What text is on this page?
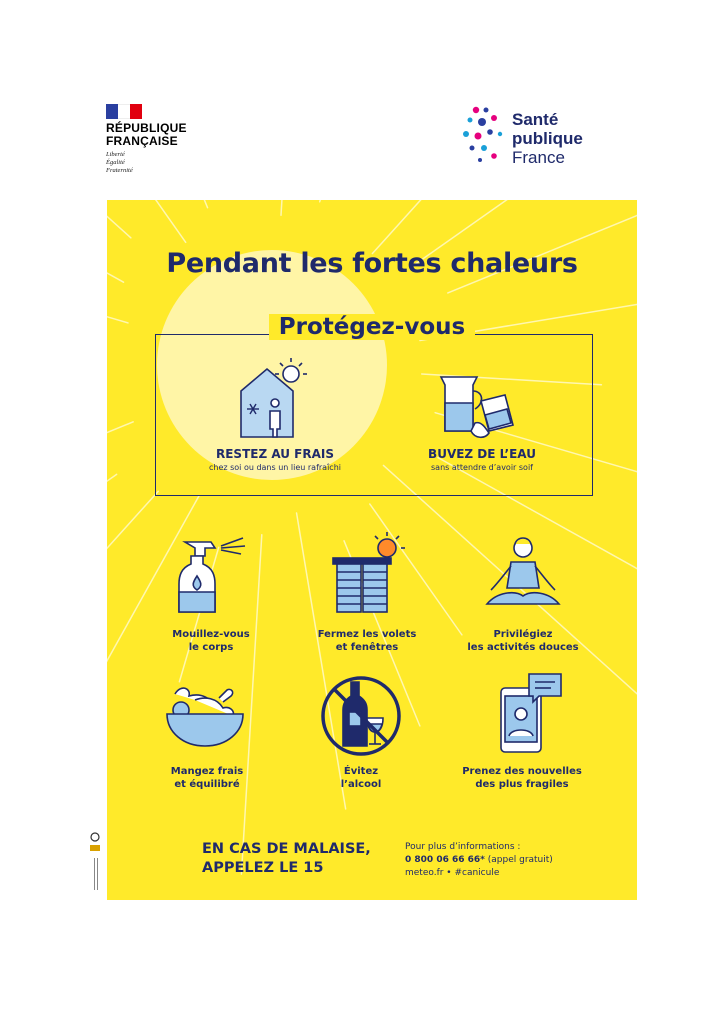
RÉPUBLIQUE
FRANÇAISE
Liberté
Égalité
Fraternité
Santé
publique
France
Pendant les fortes chaleurs
Protégez-vous
RESTEZ AU FRAIS
chez soi ou dans un lieu rafraîchi
BUVEZ DE L’EAU
sans attendre d’avoir soif
Mouillez-vous
le corps
Fermez les volets
et fenêtres
Privilégiez
les activités douces
Mangez frais
et équilibré
Évitez
l’alcool
Prenez des nouvelles
des plus fragiles
EN CAS DE MALAISE,
APPELEZ LE 15
Pour plus d’informations :
0 800 06 66 66* (appel gratuit)
meteo.fr • #canicule
